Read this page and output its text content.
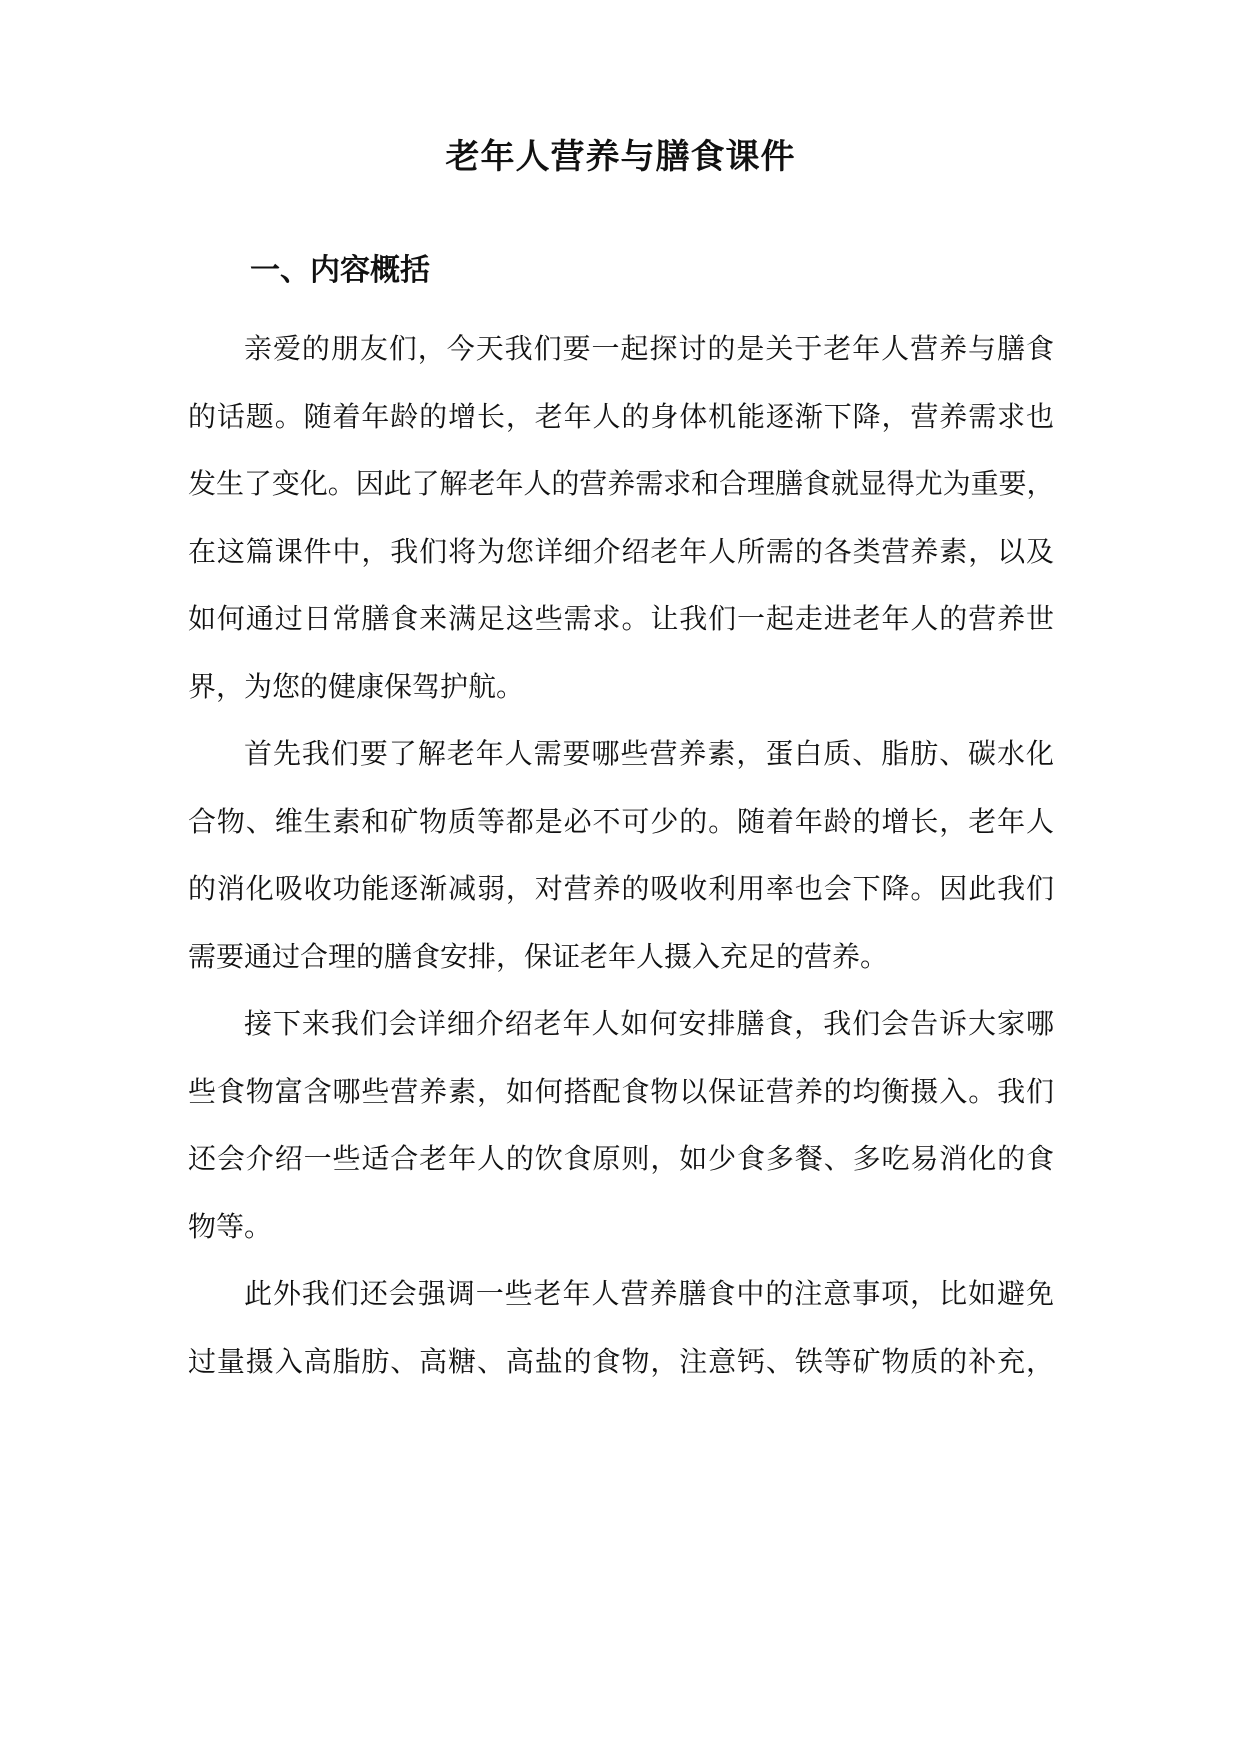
老年人营养与膳食课件
一、内容概括
亲爱的朋友们，今天我们要一起探讨的是关于老年人营养与膳食
的话题。随着年龄的增长，老年人的身体机能逐渐下降，营养需求也
发生了变化。因此了解老年人的营养需求和合理膳食就显得尤为重要，
在这篇课件中，我们将为您详细介绍老年人所需的各类营养素，以及
如何通过日常膳食来满足这些需求。让我们一起走进老年人的营养世
界，为您的健康保驾护航。
首先我们要了解老年人需要哪些营养素，蛋白质、脂肪、碳水化
合物、维生素和矿物质等都是必不可少的。随着年龄的增长，老年人
的消化吸收功能逐渐减弱，对营养的吸收利用率也会下降。因此我们
需要通过合理的膳食安排，保证老年人摄入充足的营养。
接下来我们会详细介绍老年人如何安排膳食，我们会告诉大家哪
些食物富含哪些营养素，如何搭配食物以保证营养的均衡摄入。我们
还会介绍一些适合老年人的饮食原则，如少食多餐、多吃易消化的食
物等。
此外我们还会强调一些老年人营养膳食中的注意事项，比如避免
过量摄入高脂肪、高糖、高盐的食物，注意钙、铁等矿物质的补充，
